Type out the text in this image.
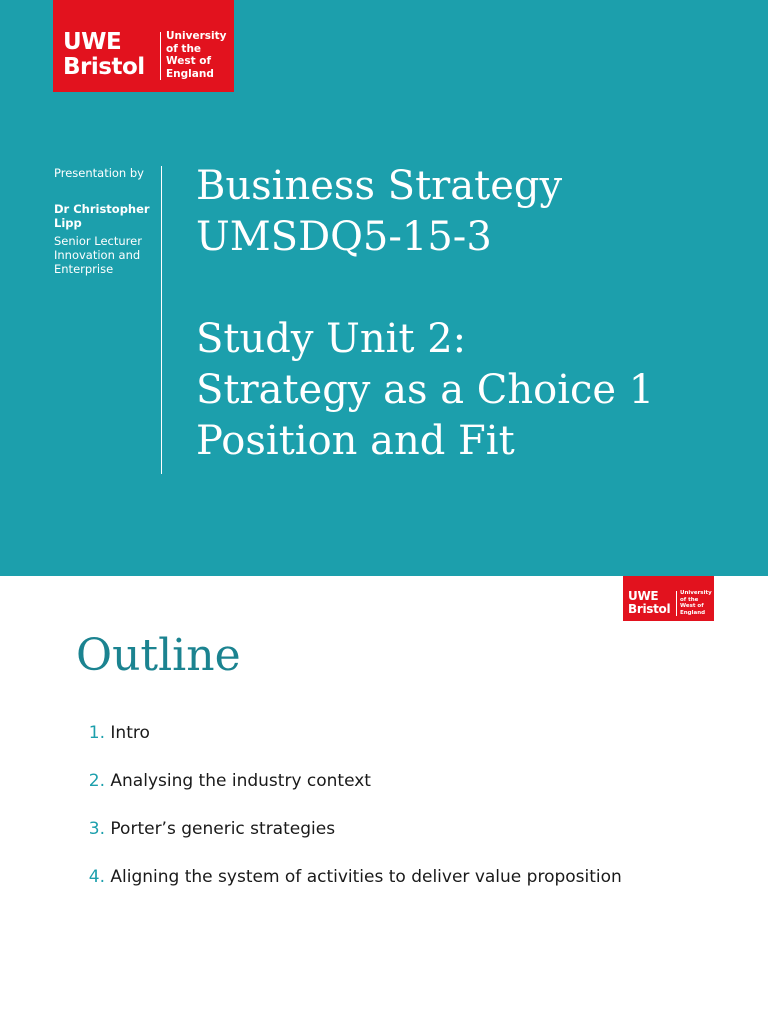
UWE
Bristol
University
of the
West of
England

Presentation by

Dr Christopher Lipp

Senior Lecturer Innovation and Enterprise

Business Strategy
UMSDQ5-15-3
Study Unit 2:
Strategy as a Choice 1
Position and Fit
UWE
Bristol
University
of the
West of
England
Outline
1. Intro
2. Analysing the industry context
3. Porter’s generic strategies
4. Aligning the system of activities to deliver value proposition
